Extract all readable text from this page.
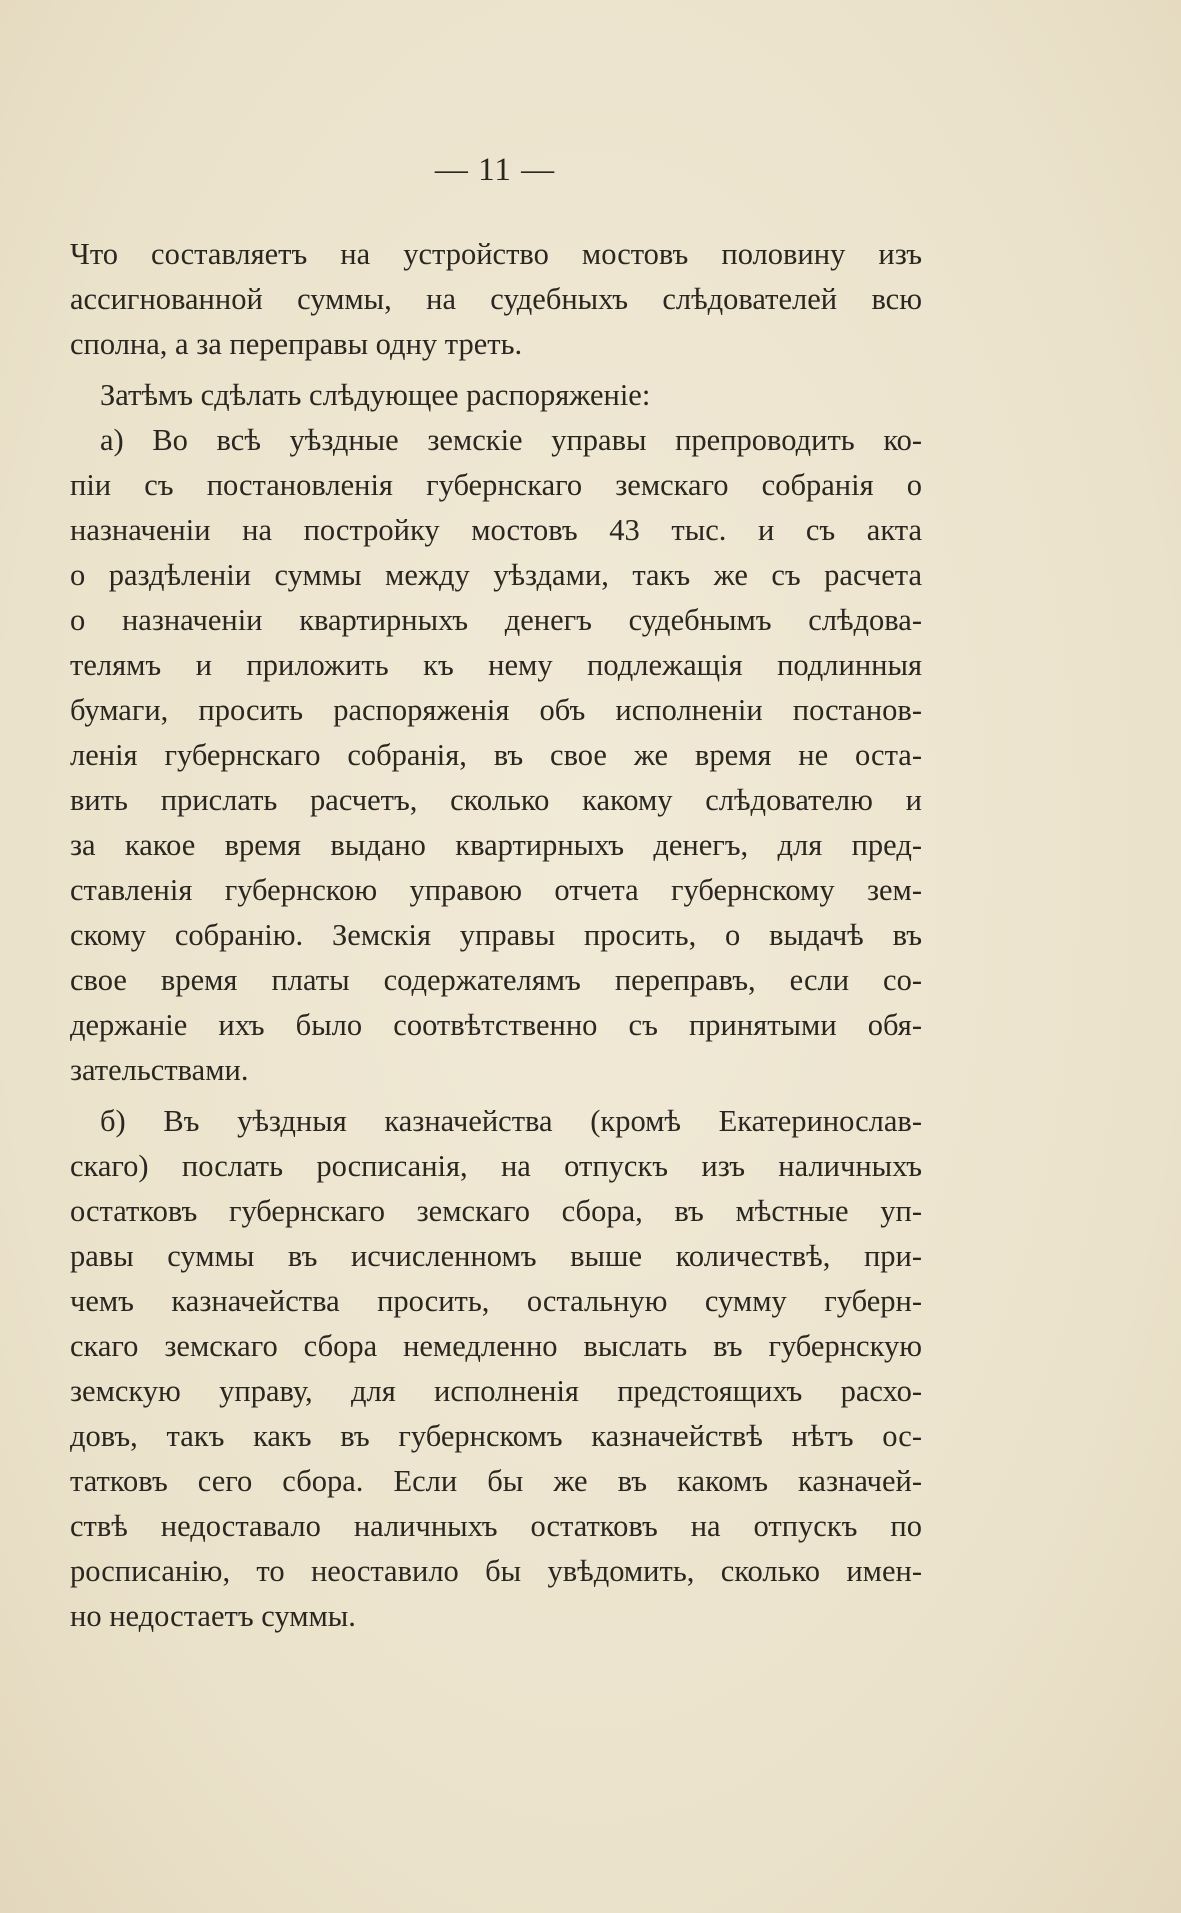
— 11 —
Что составляетъ на устройство мостовъ половину изъ
ассигнованной суммы, на судебныхъ слѣдователей всю
сполна, а за переправы одну треть.
Затѣмъ сдѣлать слѣдующее распоряженіе:
а) Во всѣ уѣздные земскіе управы препроводить ко-
піи съ постановленія губернскаго земскаго собранія о
назначеніи на постройку мостовъ 43 тыс. и съ акта
о раздѣленіи суммы между уѣздами, такъ же съ расчета
о назначеніи квартирныхъ денегъ судебнымъ слѣдова-
телямъ и приложить къ нему подлежащія подлинныя
бумаги, просить распоряженія объ исполненіи постанов-
ленія губернскаго собранія, въ свое же время не оста-
вить прислать расчетъ, сколько какому слѣдователю и
за какое время выдано квартирныхъ денегъ, для пред-
ставленія губернскою управою отчета губернскому зем-
скому собранію. Земскія управы просить, о выдачѣ въ
свое время платы содержателямъ переправъ, если со-
держаніе ихъ было соотвѣтственно съ принятыми обя-
зательствами.
б) Въ уѣздныя казначейства (кромѣ Екатеринослав-
скаго) послать росписанія, на отпускъ изъ наличныхъ
остатковъ губернскаго земскаго сбора, въ мѣстные уп-
равы суммы въ исчисленномъ выше количествѣ, при-
чемъ казначейства просить, остальную сумму губерн-
скаго земскаго сбора немедленно выслать въ губернскую
земскую управу, для исполненія предстоящихъ расхо-
довъ, такъ какъ въ губернскомъ казначействѣ нѣтъ ос-
татковъ сего сбора. Если бы же въ какомъ казначей-
ствѣ недоставало наличныхъ остатковъ на отпускъ по
росписанію, то неоставило бы увѣдомить, сколько имен-
но недостаетъ суммы.
